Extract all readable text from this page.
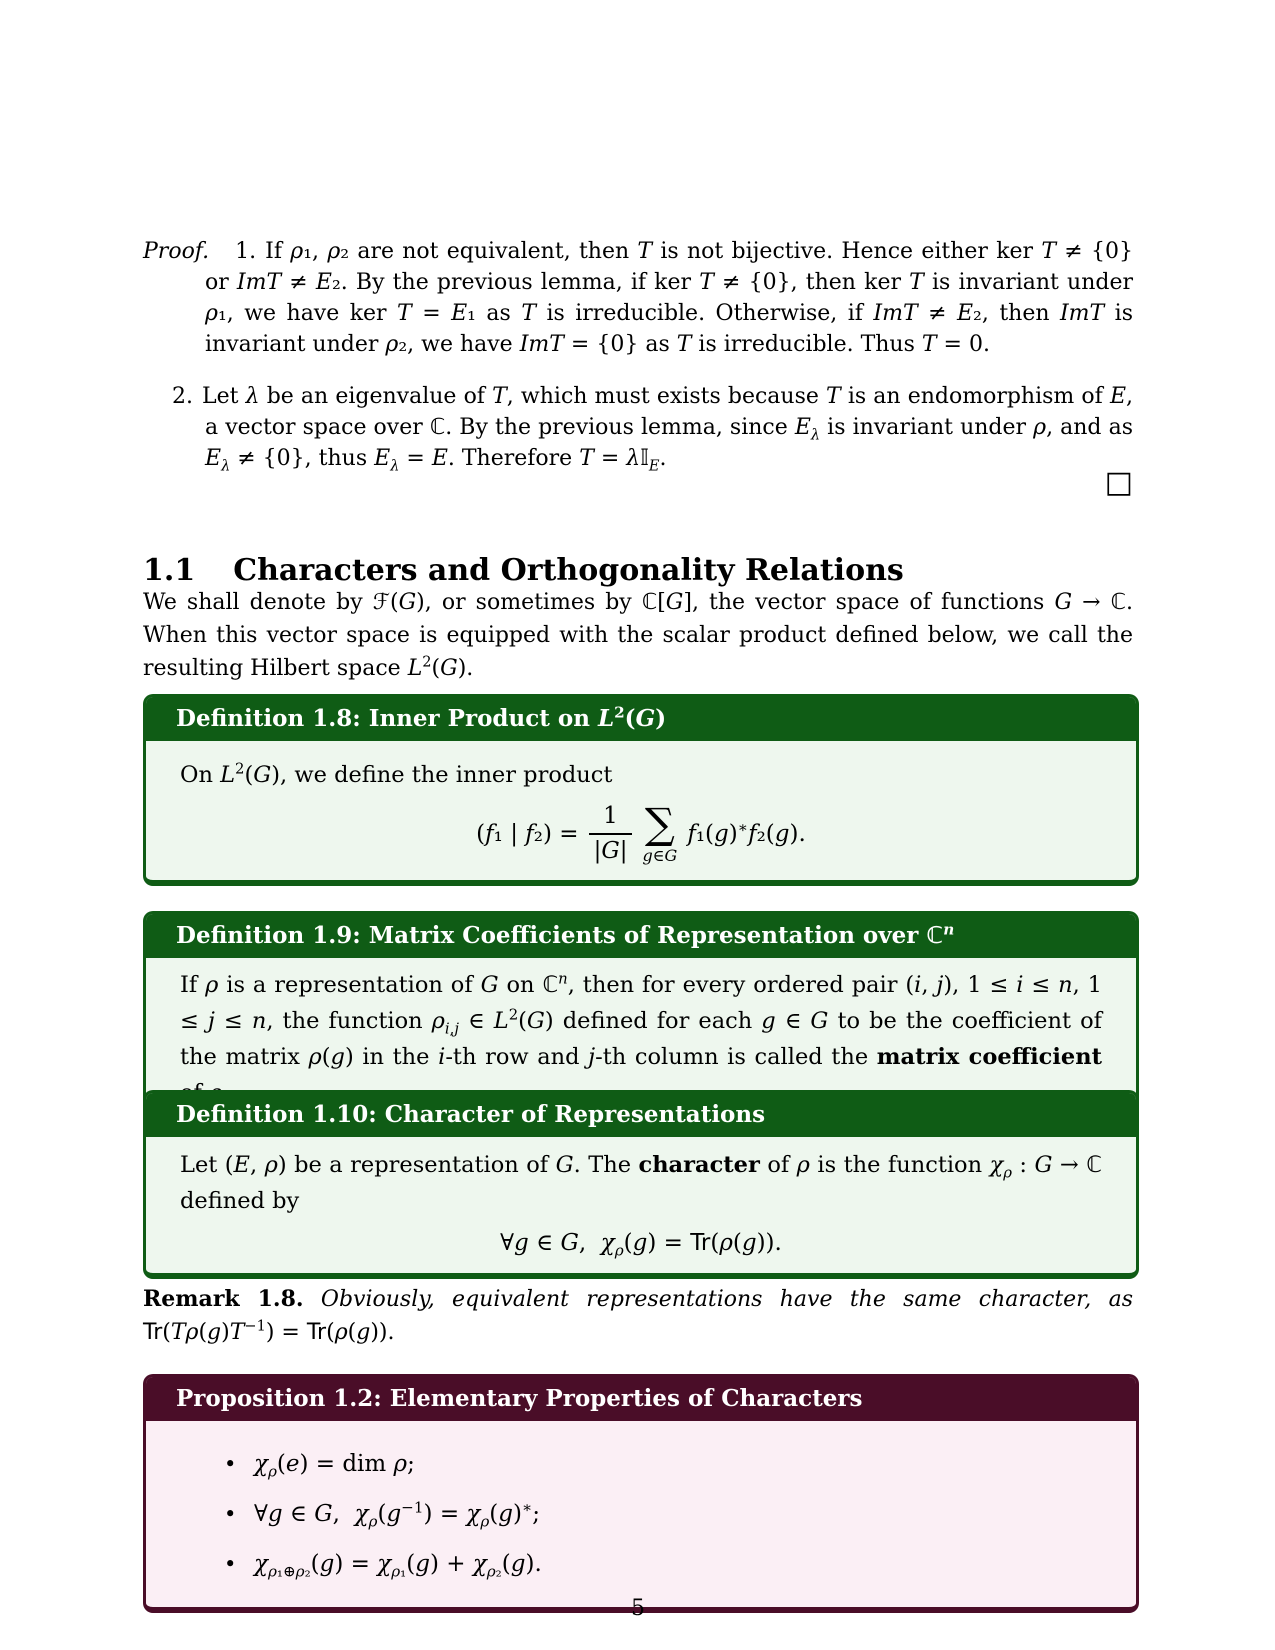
Proof. 1. If ρ₁, ρ₂ are not equivalent, then T is not bijective. Hence either ker T ≠ {0} or ImT ≠ E₂. By the previous lemma, if ker T ≠ {0}, then ker T is invariant under ρ₁, we have ker T = E₁ as T is irreducible. Otherwise, if ImT ≠ E₂, then ImT is invariant under ρ₂, we have ImT = {0} as T is irreducible. Thus T = 0.

2. Let λ be an eigenvalue of T, which must exists because T is an endomorphism of E, a vector space over ℂ. By the previous lemma, since $E_\lambda$ is invariant under ρ, and as $E_\lambda \ne \{0\}$, thus $E_\lambda = E$. Therefore T = λ𝕀$_E$.

□
1.1 Characters and Orthogonality Relations

We shall denote by ℱ(G), or sometimes by ℂ[G], the vector space of functions G → ℂ. When this vector space is equipped with the scalar product defined below, we call the resulting Hilbert space $L^2(G)$.

Definition 1.8: Inner Product on $L^2(G)$

On $L^2(G)$, we define the inner product

(f₁ | $f_2) = \frac{1}{|G|}$ ∑
g∈G
f₁(g)∗f₂(g).
Definition 1.9: Matrix Coefficients of Representation over ℂ$^n$

If ρ is a representation of G on ℂ$^n$, then for every ordered pair (i, j), 1 ≤ i ≤ n, 1 ≤ j ≤ n, the function $\rho_{i,j}$ ∈ $L^2(G)$ defined for each g ∈ G to be the coefficient of the matrix ρ(g) in the i-th row and j-th column is called the matrix coefficient

Definition 1.10: Character of Representations

Let (E, ρ) be a representation of G. The character of ρ is the function $\chi_\rho$ : G → ℂ defined by

∀g ∈ G,  $\chi_\rho(g) = Tr(\rho(g))$.

Remark 1.8. Obviously, equivalent representations have the same character, as $Tr(T\rho(g)T^{-1}) = Tr(\rho(g))$.

Proposition 1.2: Elementary Properties of Characters
• $\chi_\rho(e)$ = dim ρ;
• ∀g ∈ G,  $\chi_\rho(g^{-1}) = \chi_\rho(g)^∗$;
• $\chi_{\rho_1\oplus\rho_2}(g) = \chi_{\rho_1}(g) + \chi_{\rho_2}(g)$.
5
